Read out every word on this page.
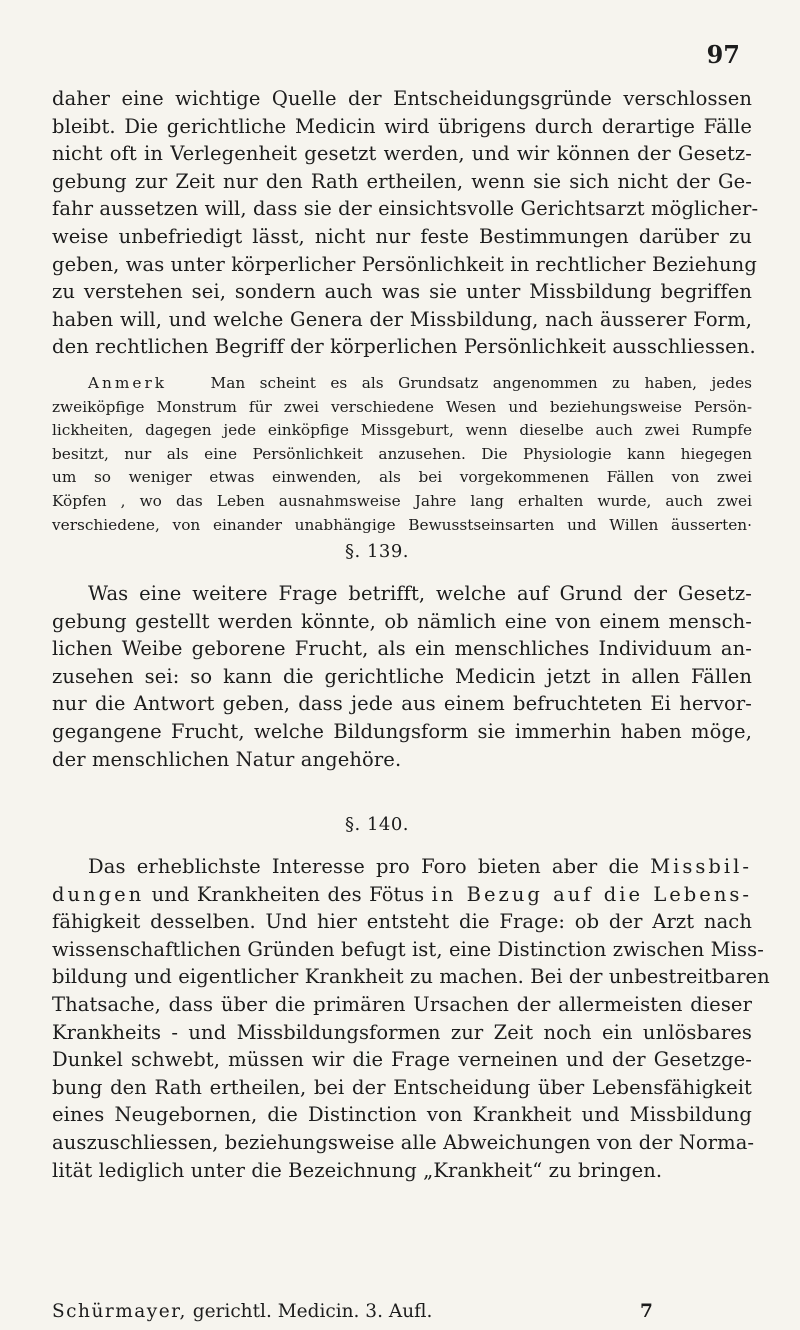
97
daher eine wichtige Quelle der Entscheidungsgründe verschlossen
bleibt. Die gerichtliche Medicin wird übrigens durch derartige Fälle
nicht oft in Verlegenheit gesetzt werden, und wir können der Gesetz-
gebung zur Zeit nur den Rath ertheilen, wenn sie sich nicht der Ge-
fahr aussetzen will, dass sie der einsichtsvolle Gerichtsarzt möglicher-
weise unbefriedigt lässt, nicht nur feste Bestimmungen darüber zu
geben, was unter körperlicher Persönlichkeit in rechtlicher Beziehung
zu verstehen sei, sondern auch was sie unter Missbildung begriffen
haben will, und welche Genera der Missbildung, nach äusserer Form,
den rechtlichen Begriff der körperlichen Persönlichkeit ausschliessen.
Anmerk	Man scheint es als Grundsatz angenommen zu haben, jedes
zweiköpfige Monstrum für zwei verschiedene Wesen und beziehungsweise Persön-
lickheiten, dagegen jede einköpfige Missgeburt, wenn dieselbe auch zwei Rumpfe
besitzt, nur als eine Persönlichkeit anzusehen. Die Physiologie kann hiegegen
um so weniger etwas einwenden, als bei vorgekommenen Fällen von zwei
Köpfen , wo das Leben ausnahmsweise Jahre lang erhalten wurde, auch zwei
verschiedene, von einander unabhängige Bewusstseinsarten und Willen äusserten·
§. 139.
Was eine weitere Frage betrifft, welche auf Grund der Gesetz-
gebung gestellt werden könnte, ob nämlich eine von einem mensch-
lichen Weibe geborene Frucht, als ein menschliches Individuum an-
zusehen sei: so kann die gerichtliche Medicin jetzt in allen Fällen
nur die Antwort geben, dass jede aus einem befruchteten Ei hervor-
gegangene Frucht, welche Bildungsform sie immerhin haben möge,
der menschlichen Natur angehöre.
§. 140.
Das erheblichste Interesse pro Foro bieten aber die Missbil-
dungen und Krankheiten des Fötus in Bezug auf die Lebens-
fähigkeit desselben. Und hier entsteht die Frage: ob der Arzt nach
wissenschaftlichen Gründen befugt ist, eine Distinction zwischen Miss-
bildung und eigentlicher Krankheit zu machen. Bei der unbestreitbaren
Thatsache, dass über die primären Ursachen der allermeisten dieser
Krankheits - und Missbildungsformen zur Zeit noch ein unlösbares
Dunkel schwebt, müssen wir die Frage verneinen und der Gesetzge-
bung den Rath ertheilen, bei der Entscheidung über Lebensfähigkeit
eines Neugebornen, die Distinction von Krankheit und Missbildung
auszuschliessen, beziehungsweise alle Abweichungen von der Norma-
lität lediglich unter die Bezeichnung „Krankheit“ zu bringen.
Schürmayer, gerichtl. Medicin. 3. Aufl.	7
